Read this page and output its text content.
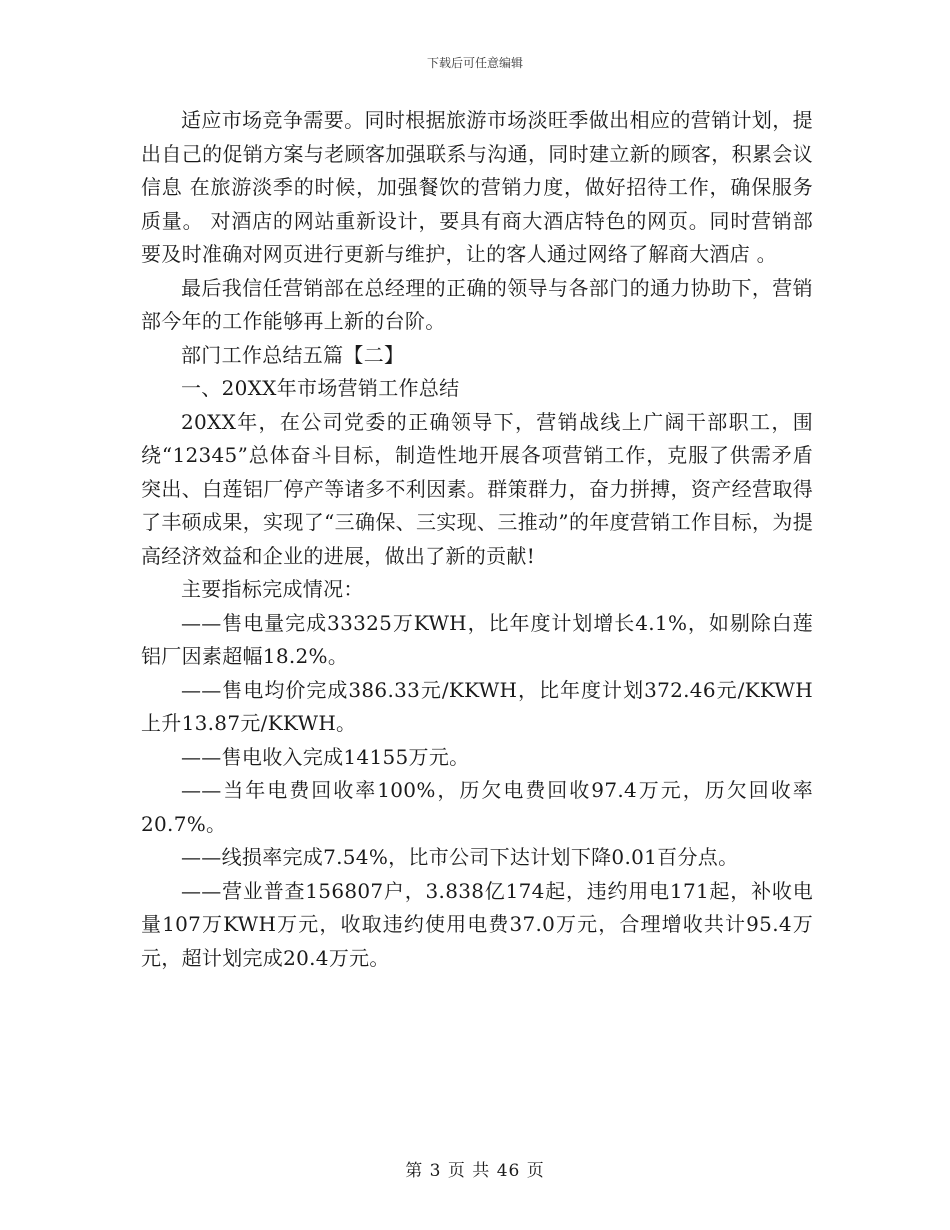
下载后可任意编辑

适应市场竞争需要。同时根据旅游市场淡旺季做出相应的营销计划，提出自己的促销方案与老顾客加强联系与沟通，同时建立新的顾客，积累会议信息 在旅游淡季的时候，加强餐饮的营销力度，做好招待工作，确保服务质量。 对酒店的网站重新设计，要具有商大酒店特色的网页。同时营销部要及时准确对网页进行更新与维护，让的客人通过网络了解商大酒店 。

最后我信任营销部在总经理的正确的领导与各部门的通力协助下，营销部今年的工作能够再上新的台阶。

部门工作总结五篇【二】

一、20XX年市场营销工作总结

20XX年，在公司党委的正确领导下，营销战线上广阔干部职工，围绕“12345”总体奋斗目标，制造性地开展各项营销工作，克服了供需矛盾突出、白莲铝厂停产等诸多不利因素。群策群力，奋力拼搏，资产经营取得了丰硕成果，实现了“三确保、三实现、三推动”的年度营销工作目标，为提高经济效益和企业的进展，做出了新的贡献!

主要指标完成情况：

——售电量完成33325万KWH，比年度计划增长4.1%，如剔除白莲铝厂因素超幅18.2%。

——售电均价完成386.33元/KKWH，比年度计划372.46元/KKWH上升13.87元/KKWH。

——售电收入完成14155万元。

——当年电费回收率100%，历欠电费回收97.4万元，历欠回收率20.7%。

——线损率完成7.54%，比市公司下达计划下降0.01百分点。

——营业普查156807户，3.838亿174起，违约用电171起，补收电量107万KWH万元，收取违约使用电费37.0万元，合理增收共计95.4万元，超计划完成20.4万元。

第 3 页 共 46 页
